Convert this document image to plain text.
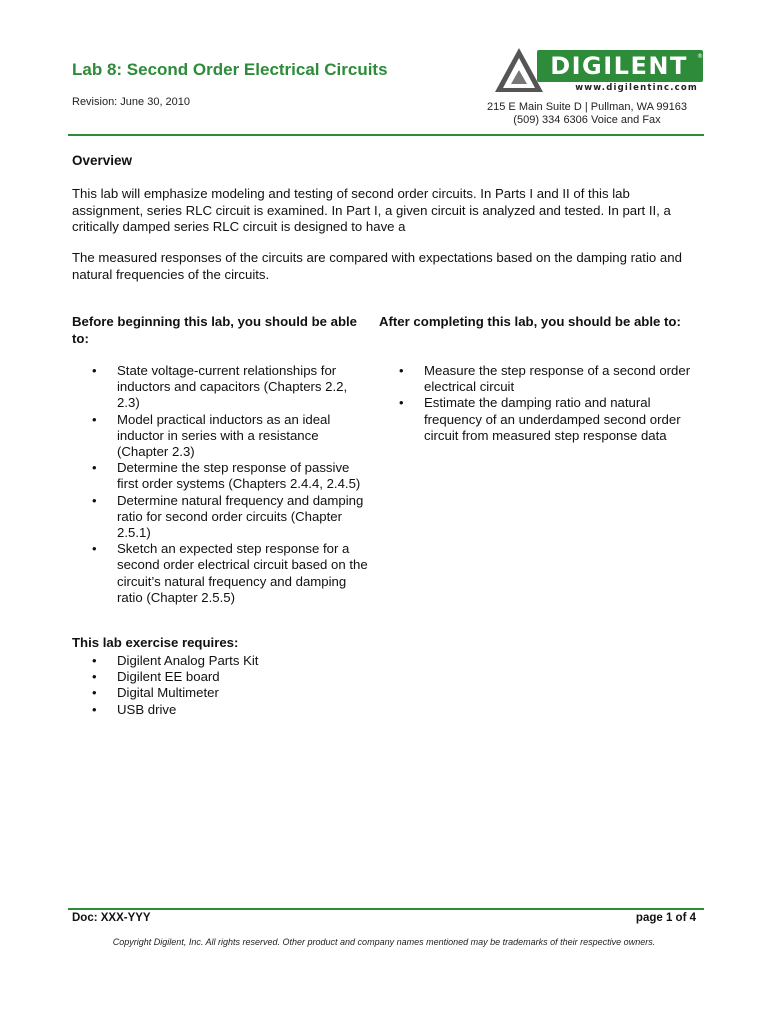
Lab 8: Second Order Electrical Circuits
Revision: June 30, 2010
DIGILENT ®
www.digilentinc.com
215 E Main Suite D | Pullman, WA 99163
(509) 334 6306 Voice and Fax
Overview

This lab will emphasize modeling and testing of second order circuits. In Parts I and II of this lab assignment, series RLC circuit is examined. In Part I, a given circuit is analyzed and tested. In part II, a critically damped series RLC circuit is designed to have a

The measured responses of the circuits are compared with expectations based on the damping ratio and natural frequencies of the circuits.

Before beginning this lab, you should be able to:
After completing this lab, you should be able to:
• State voltage-current relationships for inductors and capacitors (Chapters 2.2, 2.3)
• Model practical inductors as an ideal inductor in series with a resistance (Chapter 2.3)
• Determine the step response of passive first order systems (Chapters 2.4.4, 2.4.5)
• Determine natural frequency and damping ratio for second order circuits (Chapter 2.5.1)
• Sketch an expected step response for a second order electrical circuit based on the circuit’s natural frequency and damping ratio (Chapter 2.5.5)
• Measure the step response of a second order electrical circuit
• Estimate the damping ratio and natural frequency of an underdamped second order circuit from measured step response data
This lab exercise requires:
• Digilent Analog Parts Kit
• Digilent EE board
• Digital Multimeter
• USB drive
Doc: XXX-YYY	page 1 of 4
Copyright Digilent, Inc. All rights reserved. Other product and company names mentioned may be trademarks of their respective owners.
